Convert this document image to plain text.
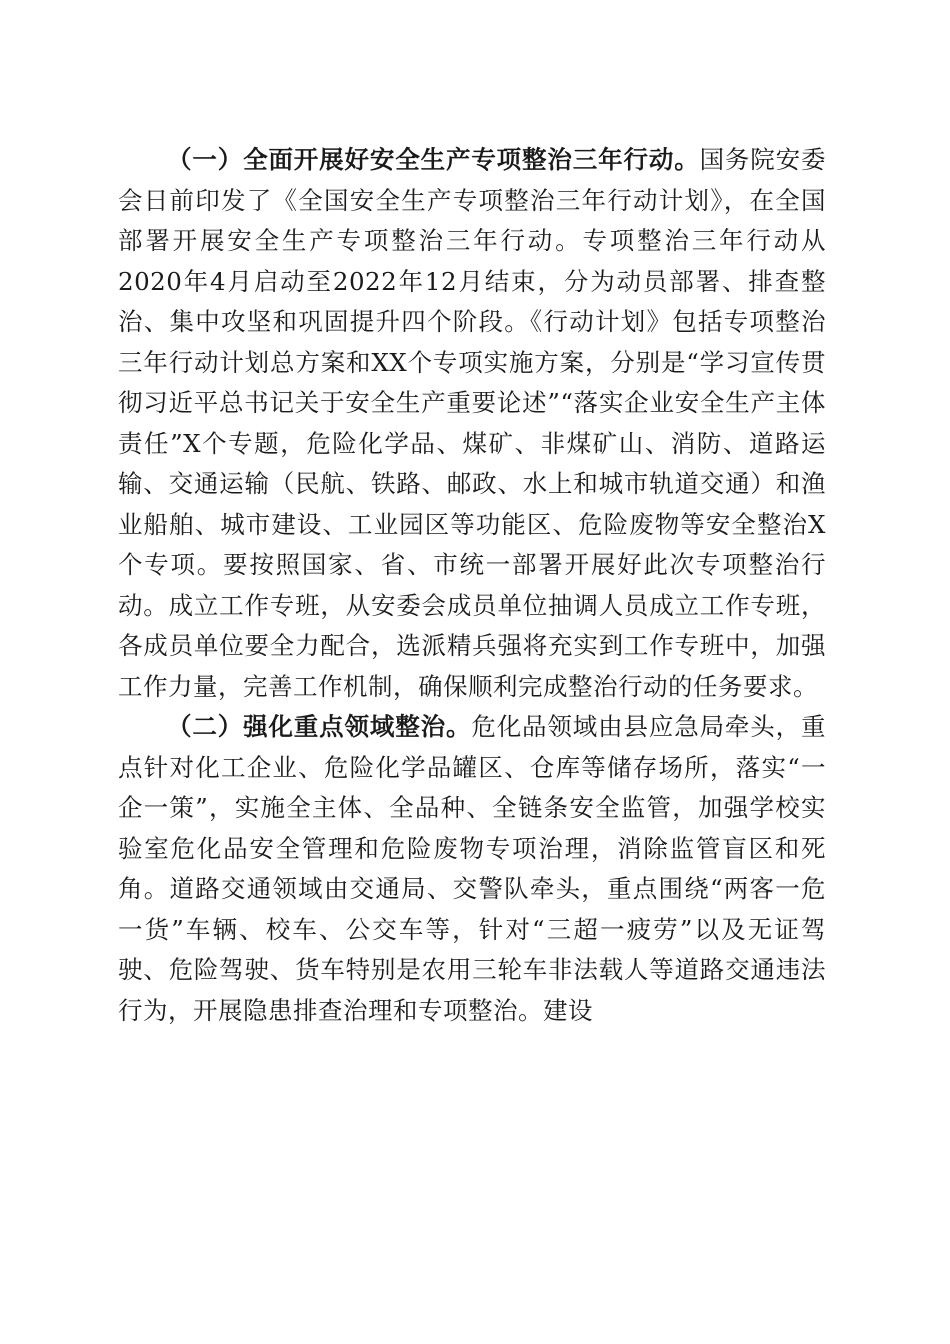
（一）全面开展好安全生产专项整治三年行动。国务院安委会日前印发了《全国安全生产专项整治三年行动计划》，在全国部署开展安全生产专项整治三年行动。专项整治三年行动从2020年4月启动至2022年12月结束，分为动员部署、排查整治、集中攻坚和巩固提升四个阶段。《行动计划》包括专项整治三年行动计划总方案和XX个专项实施方案，分别是“学习宣传贯彻习近平总书记关于安全生产重要论述”“落实企业安全生产主体责任”X个专题，危险化学品、煤矿、非煤矿山、消防、道路运输、交通运输（民航、铁路、邮政、水上和城市轨道交通）和渔业船舶、城市建设、工业园区等功能区、危险废物等安全整治X个专项。要按照国家、省、市统一部署开展好此次专项整治行动。成立工作专班，从安委会成员单位抽调人员成立工作专班，各成员单位要全力配合，选派精兵强将充实到工作专班中，加强工作力量，完善工作机制，确保顺利完成整治行动的任务要求。

（二）强化重点领域整治。危化品领域由县应急局牵头，重点针对化工企业、危险化学品罐区、仓库等储存场所，落实“一企一策”，实施全主体、全品种、全链条安全监管，加强学校实验室危化品安全管理和危险废物专项治理，消除监管盲区和死角。道路交通领域由交通局、交警队牵头，重点围绕“两客一危一货”车辆、校车、公交车等，针对“三超一疲劳”以及无证驾驶、危险驾驶、货车特别是农用三轮车非法载人等道路交通违法行为，开展隐患排查治理和专项整治。建设
